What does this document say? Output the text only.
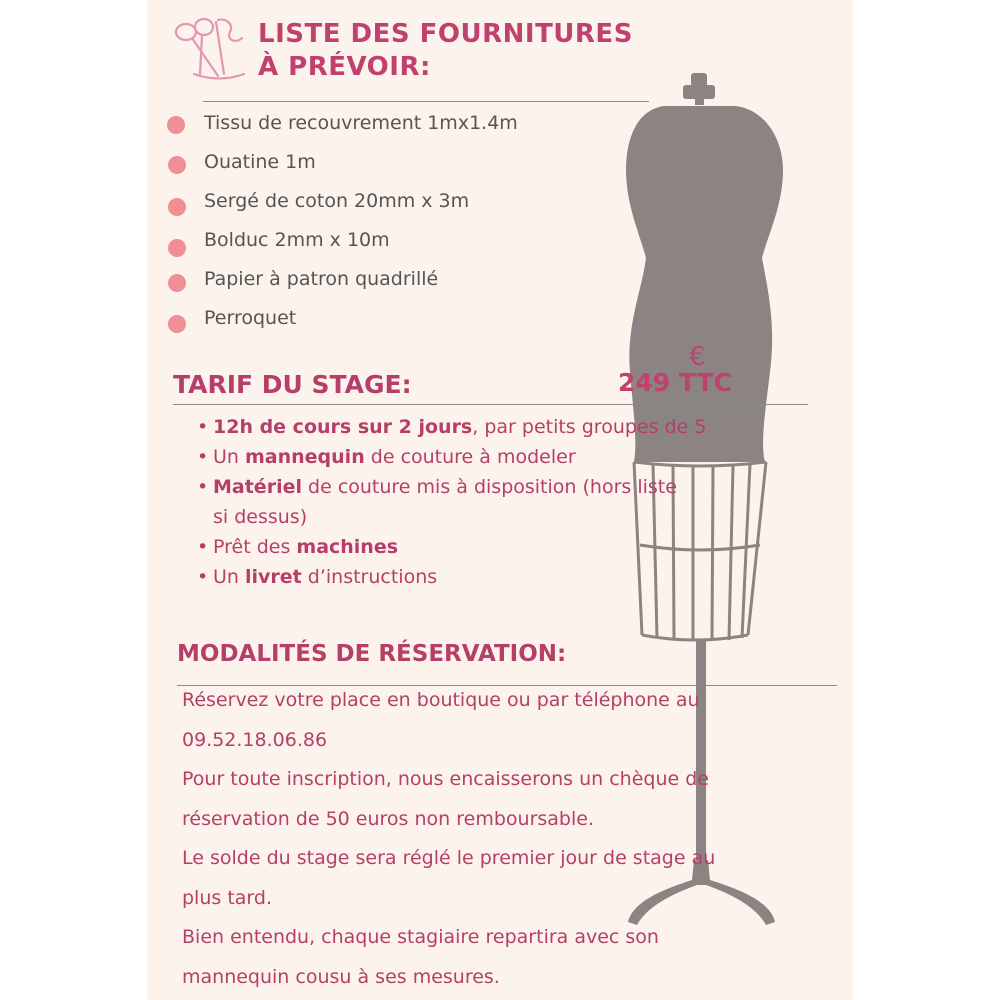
LISTE DES FOURNITURES
À PRÉVOIR:
Tissu de recouvrement 1mx1.4m
Ouatine 1m
Sergé de coton 20mm x 3m
Bolduc 2mm x 10m
Papier à patron quadrillé
Perroquet
TARIF DU STAGE:
€
249 TTC
• 12h de cours sur 2 jours, par petits groupes de 5
• Un mannequin de couture à modeler
• Matériel de couture mis à disposition (hors liste
si dessus)
• Prêt des machines
• Un livret d’instructions
MODALITÉS DE RÉSERVATION:

Réservez votre place en boutique ou par téléphone au

09.52.18.06.86

Pour toute inscription, nous encaisserons un chèque de

réservation de 50 euros non remboursable.

Le solde du stage sera réglé le premier jour de stage au

plus tard.

Bien entendu, chaque stagiaire repartira avec son

mannequin cousu à ses mesures.
